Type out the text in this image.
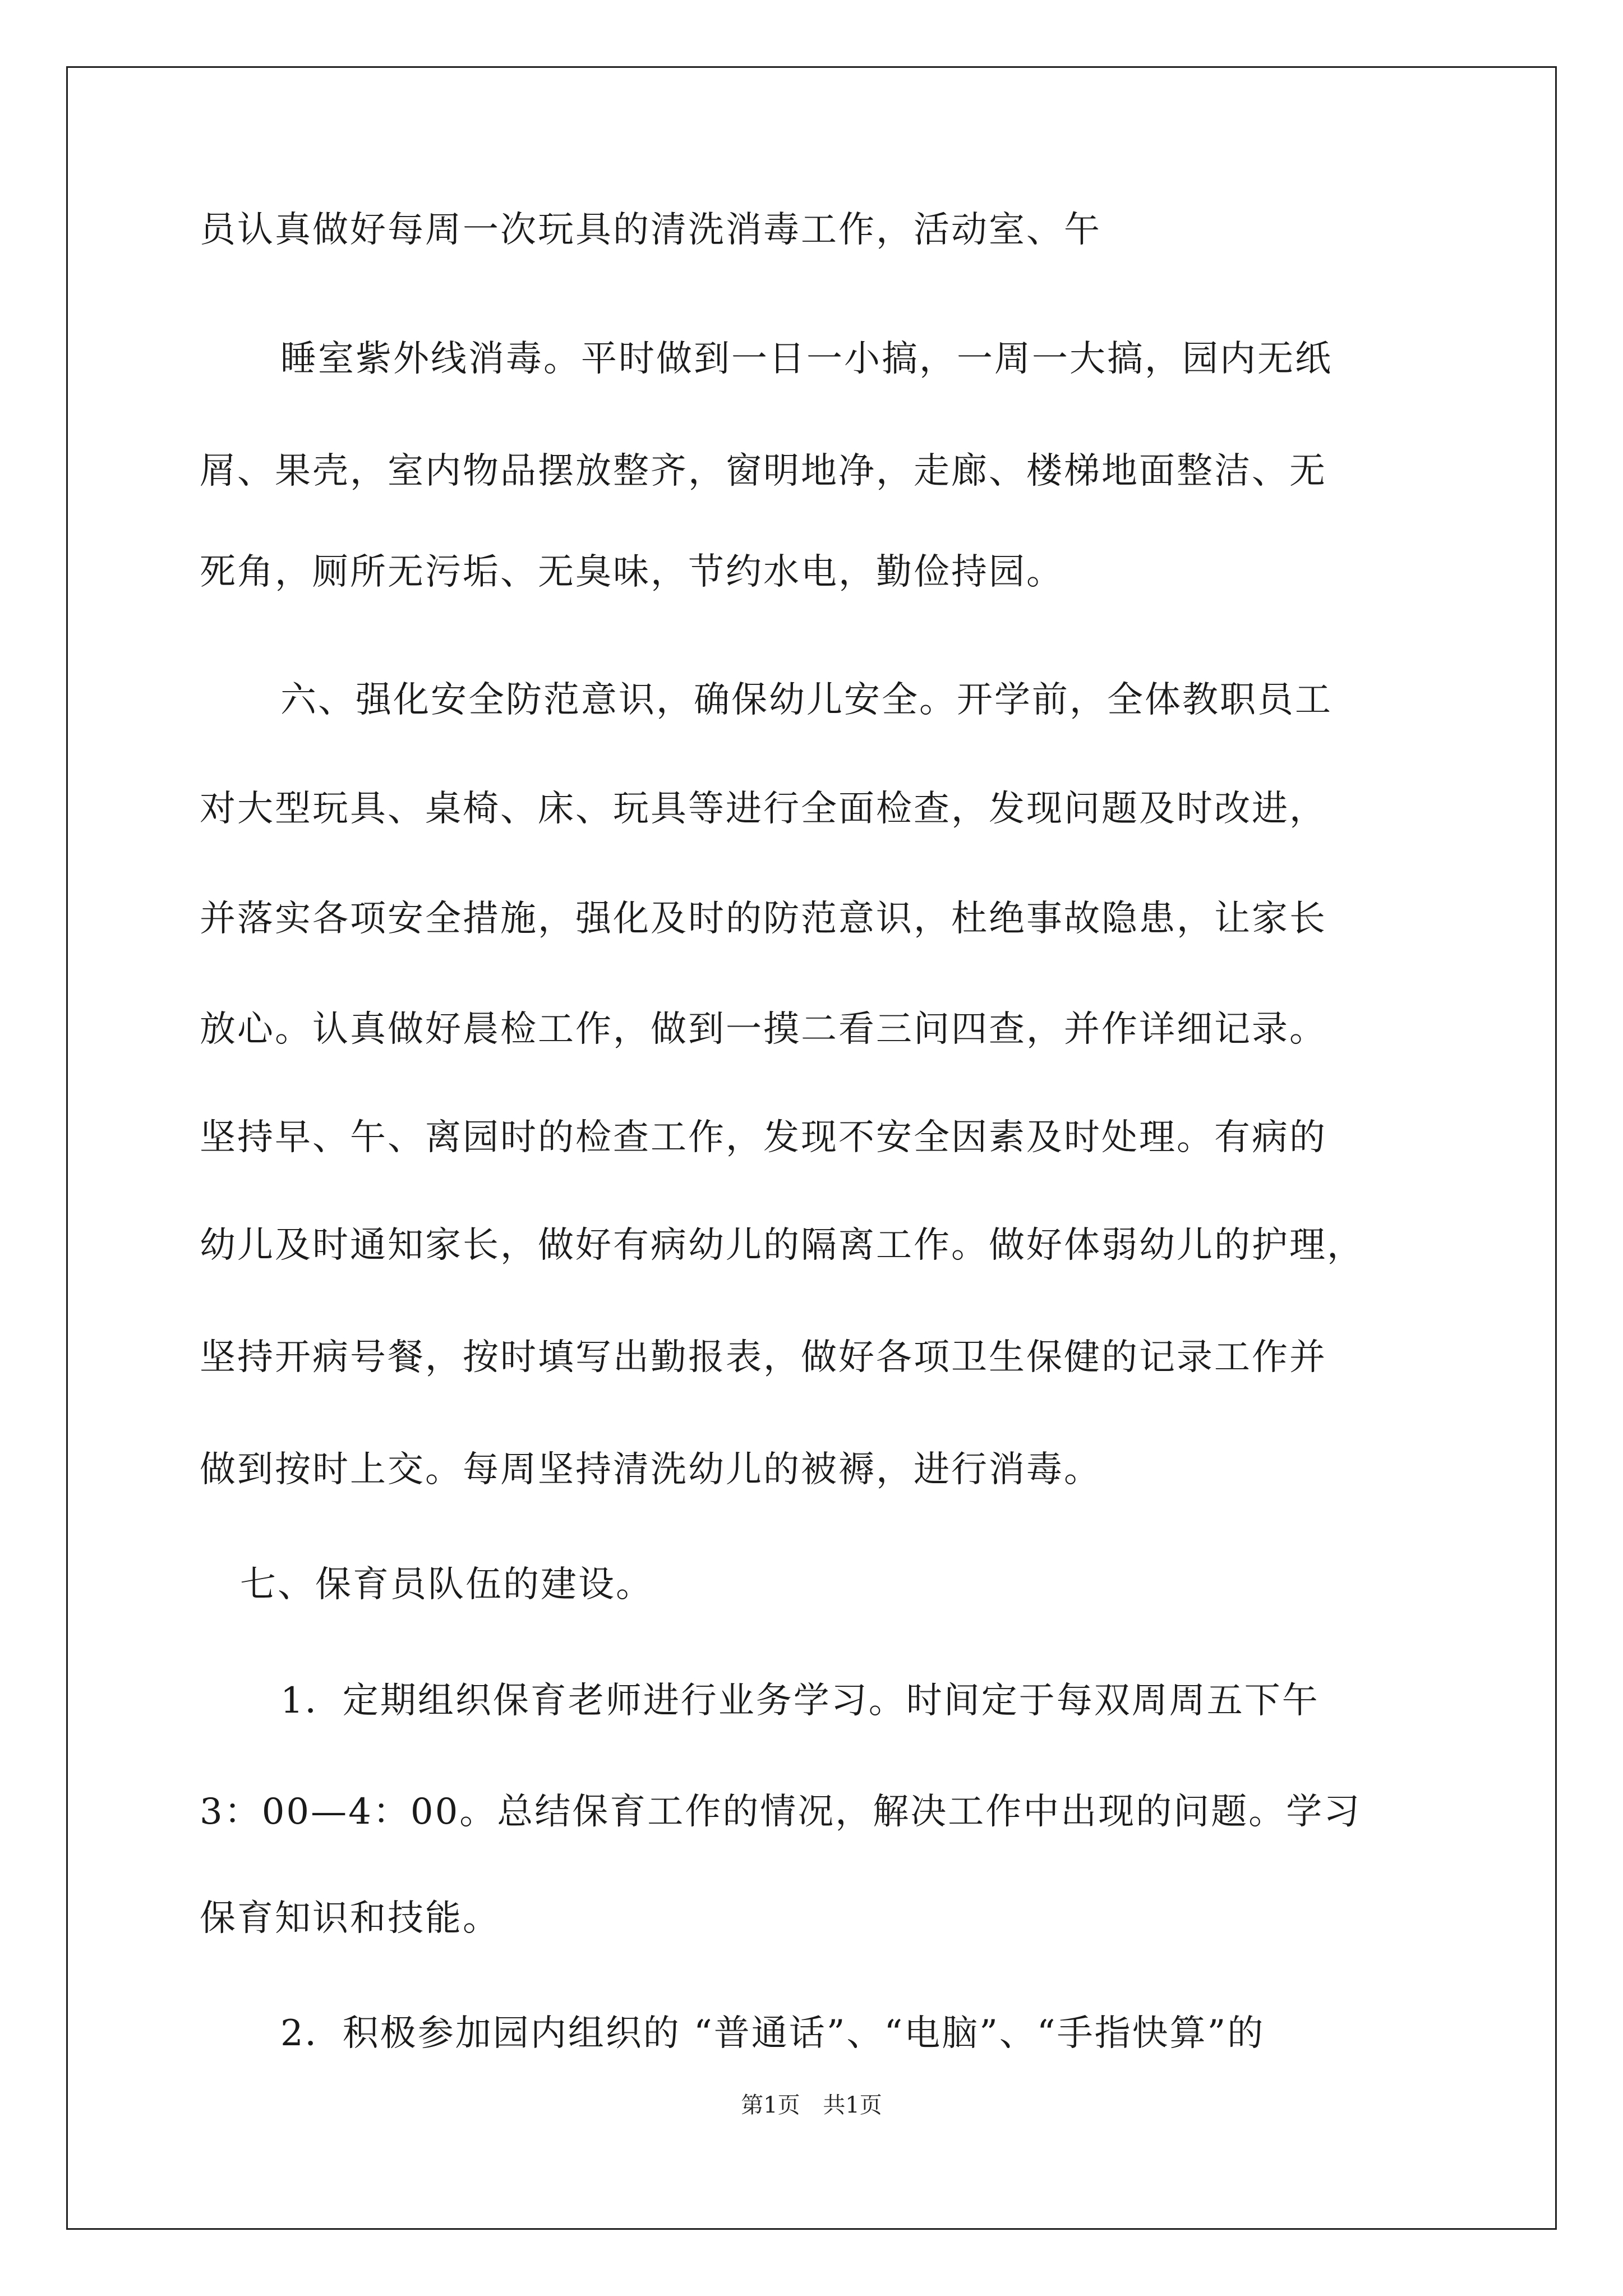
员认真做好每周一次玩具的清洗消毒工作，活动室、午
睡室紫外线消毒。平时做到一日一小搞，一周一大搞，园内无纸
屑、果壳，室内物品摆放整齐，窗明地净，走廊、楼梯地面整洁、无
死角，厕所无污垢、无臭味，节约水电，勤俭持园。
六、强化安全防范意识，确保幼儿安全。开学前，全体教职员工
对大型玩具、桌椅、床、玩具等进行全面检查，发现问题及时改进，
并落实各项安全措施，强化及时的防范意识，杜绝事故隐患，让家长
放心。认真做好晨检工作，做到一摸二看三问四查，并作详细记录。
坚持早、午、离园时的检查工作，发现不安全因素及时处理。有病的
幼儿及时通知家长，做好有病幼儿的隔离工作。做好体弱幼儿的护理，
坚持开病号餐，按时填写出勤报表，做好各项卫生保健的记录工作并
做到按时上交。每周坚持清洗幼儿的被褥，进行消毒。
七、保育员队伍的建设。
1．定期组织保育老师进行业务学习。时间定于每双周周五下午
3：00—4：00。总结保育工作的情况，解决工作中出现的问题。学习
保育知识和技能。
2．积极参加园内组织的 “普通话”、“电脑”、“手指快算”的
第1页 共1页
